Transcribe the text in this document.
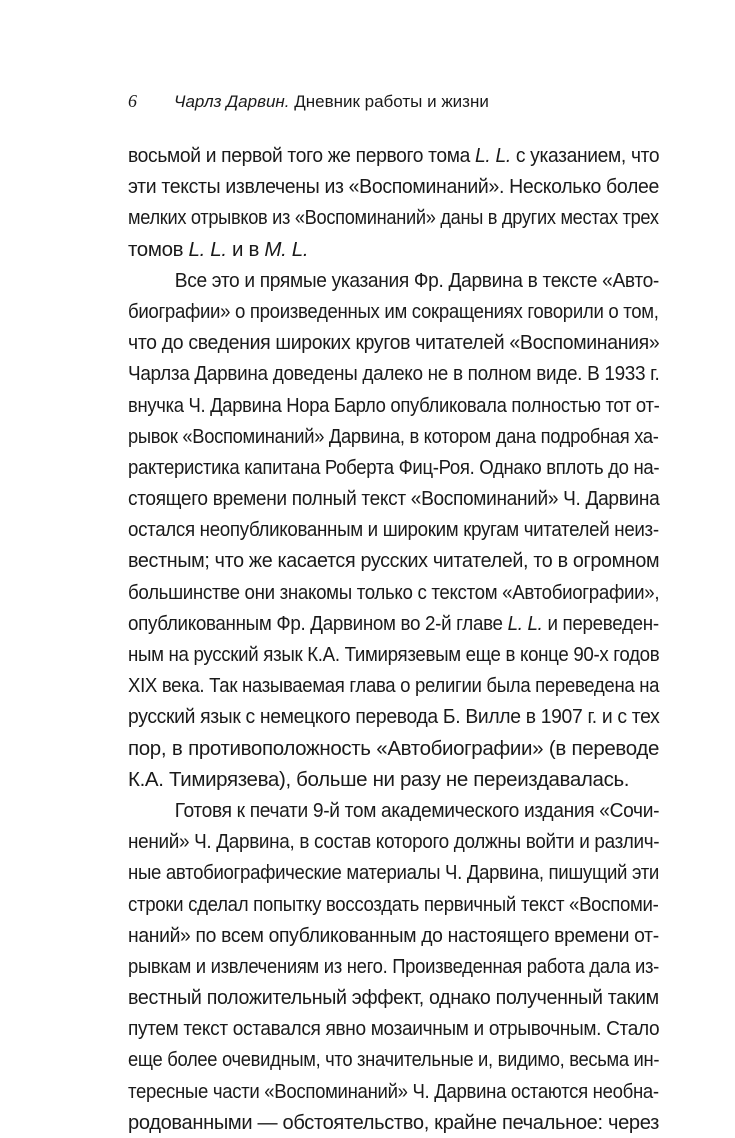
6 Чарлз Дарвин. Дневник работы и жизни
восьмой и первой того же первого тома L. L. с указанием, что
эти тексты извлечены из «Воспоминаний». Несколько более
мелких отрывков из «Воспоминаний» даны в других местах трех
томов L. L. и в M. L.
Все это и прямые указания Фр. Дарвина в тексте «Авто-
биографии» о произведенных им сокращениях говорили о том,
что до сведения широких кругов читателей «Воспоминания»
Чарлза Дарвина доведены далеко не в полном виде. В 1933 г.
внучка Ч. Дарвина Нора Барло опубликовала полностью тот от-
рывок «Воспоминаний» Дарвина, в котором дана подробная ха-
рактеристика капитана Роберта Фиц-Роя. Однако вплоть до на-
стоящего времени полный текст «Воспоминаний» Ч. Дарвина
остался неопубликованным и широким кругам читателей неиз-
вестным; что же касается русских читателей, то в огромном
большинстве они знакомы только с текстом «Автобиографии»,
опубликованным Фр. Дарвином во 2-й главе L. L. и переведен-
ным на русский язык К.А. Тимирязевым еще в конце 90-х годов
XIX века. Так называемая глава о религии была переведена на
русский язык с немецкого перевода Б. Вилле в 1907 г. и с тех
пор, в противоположность «Автобиографии» (в переводе
К.А. Тимирязева), больше ни разу не переиздавалась.
Готовя к печати 9-й том академического издания «Сочи-
нений» Ч. Дарвина, в состав которого должны войти и различ-
ные автобиографические материалы Ч. Дарвина, пишущий эти
строки сделал попытку воссоздать первичный текст «Воспоми-
наний» по всем опубликованным до настоящего времени от-
рывкам и извлечениям из него. Произведенная работа дала из-
вестный положительный эффект, однако полученный таким
путем текст оставался явно мозаичным и отрывочным. Стало
еще более очевидным, что значительные и, видимо, весьма ин-
тересные части «Воспоминаний» Ч. Дарвина остаются необна-
родованными — обстоятельство, крайне печальное: через
